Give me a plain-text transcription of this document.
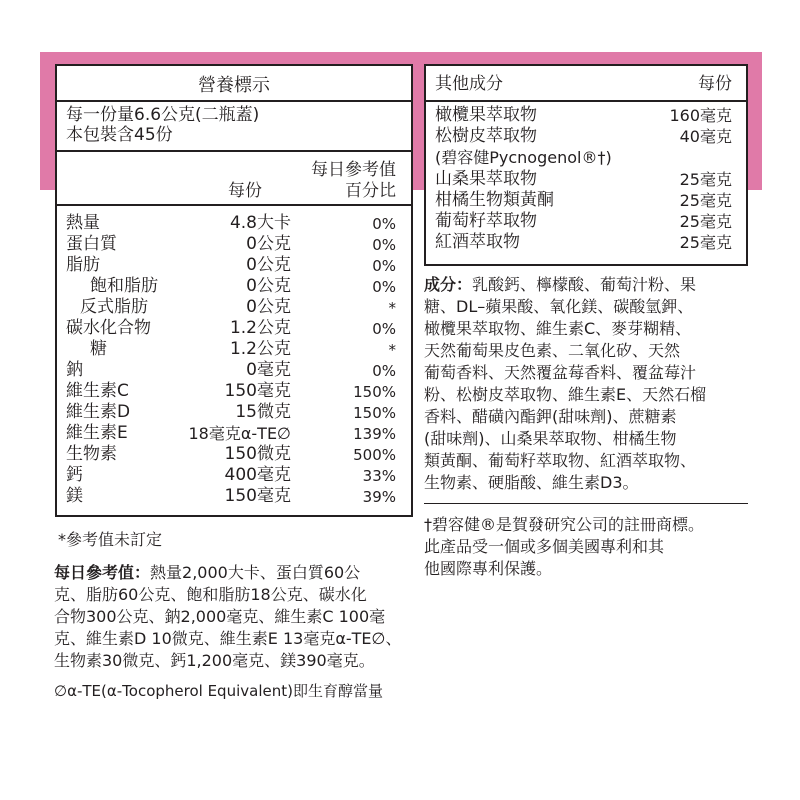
營養標示
每一份量6.6公克(二瓶蓋)
本包裝含45份
每日參考值
每份	百分比
熱量	4.8大卡	0%
蛋白質	0公克	0%
脂肪	0公克	0%
飽和脂肪	0公克	0%
反式脂肪	0公克	*
碳水化合物	1.2公克	0%
糖	1.2公克	*
鈉	0毫克	0%
維生素C	150毫克	150%
維生素D	15微克	150%
維生素E	18毫克α-TE∅	139%
生物素	150微克	500%
鈣	400毫克	33%
鎂	150毫克	39%
*參考值未訂定
每日參考值：熱量2,000大卡、蛋白質60公
克、脂肪60公克、飽和脂肪18公克、碳水化
合物300公克、鈉2,000毫克、維生素C 100毫
克、維生素D 10微克、維生素E 13毫克α-TE∅、
生物素30微克、鈣1,200毫克、鎂390毫克。
∅α-TE(α-Tocopherol Equivalent)即生育醇當量
其他成分	每份
橄欖果萃取物	160毫克
松樹皮萃取物	40毫克
(碧容健Pycnogenol®†)
山桑果萃取物	25毫克
柑橘生物類黃酮	25毫克
葡萄籽萃取物	25毫克
紅酒萃取物	25毫克
成分：乳酸鈣、檸檬酸、葡萄汁粉、果
糖、DL–蘋果酸、氧化鎂、碳酸氫鉀、
橄欖果萃取物、維生素C、麥芽糊精、
天然葡萄果皮色素、二氧化矽、天然
葡萄香料、天然覆盆莓香料、覆盆莓汁
粉、松樹皮萃取物、維生素E、天然石榴
香料、醋磺內酯鉀(甜味劑)、蔗糖素
(甜味劑)、山桑果萃取物、柑橘生物
類黃酮、葡萄籽萃取物、紅酒萃取物、
生物素、硬脂酸、維生素D3。
†碧容健®是賀發研究公司的註冊商標。
此產品受一個或多個美國專利和其
他國際專利保護。
